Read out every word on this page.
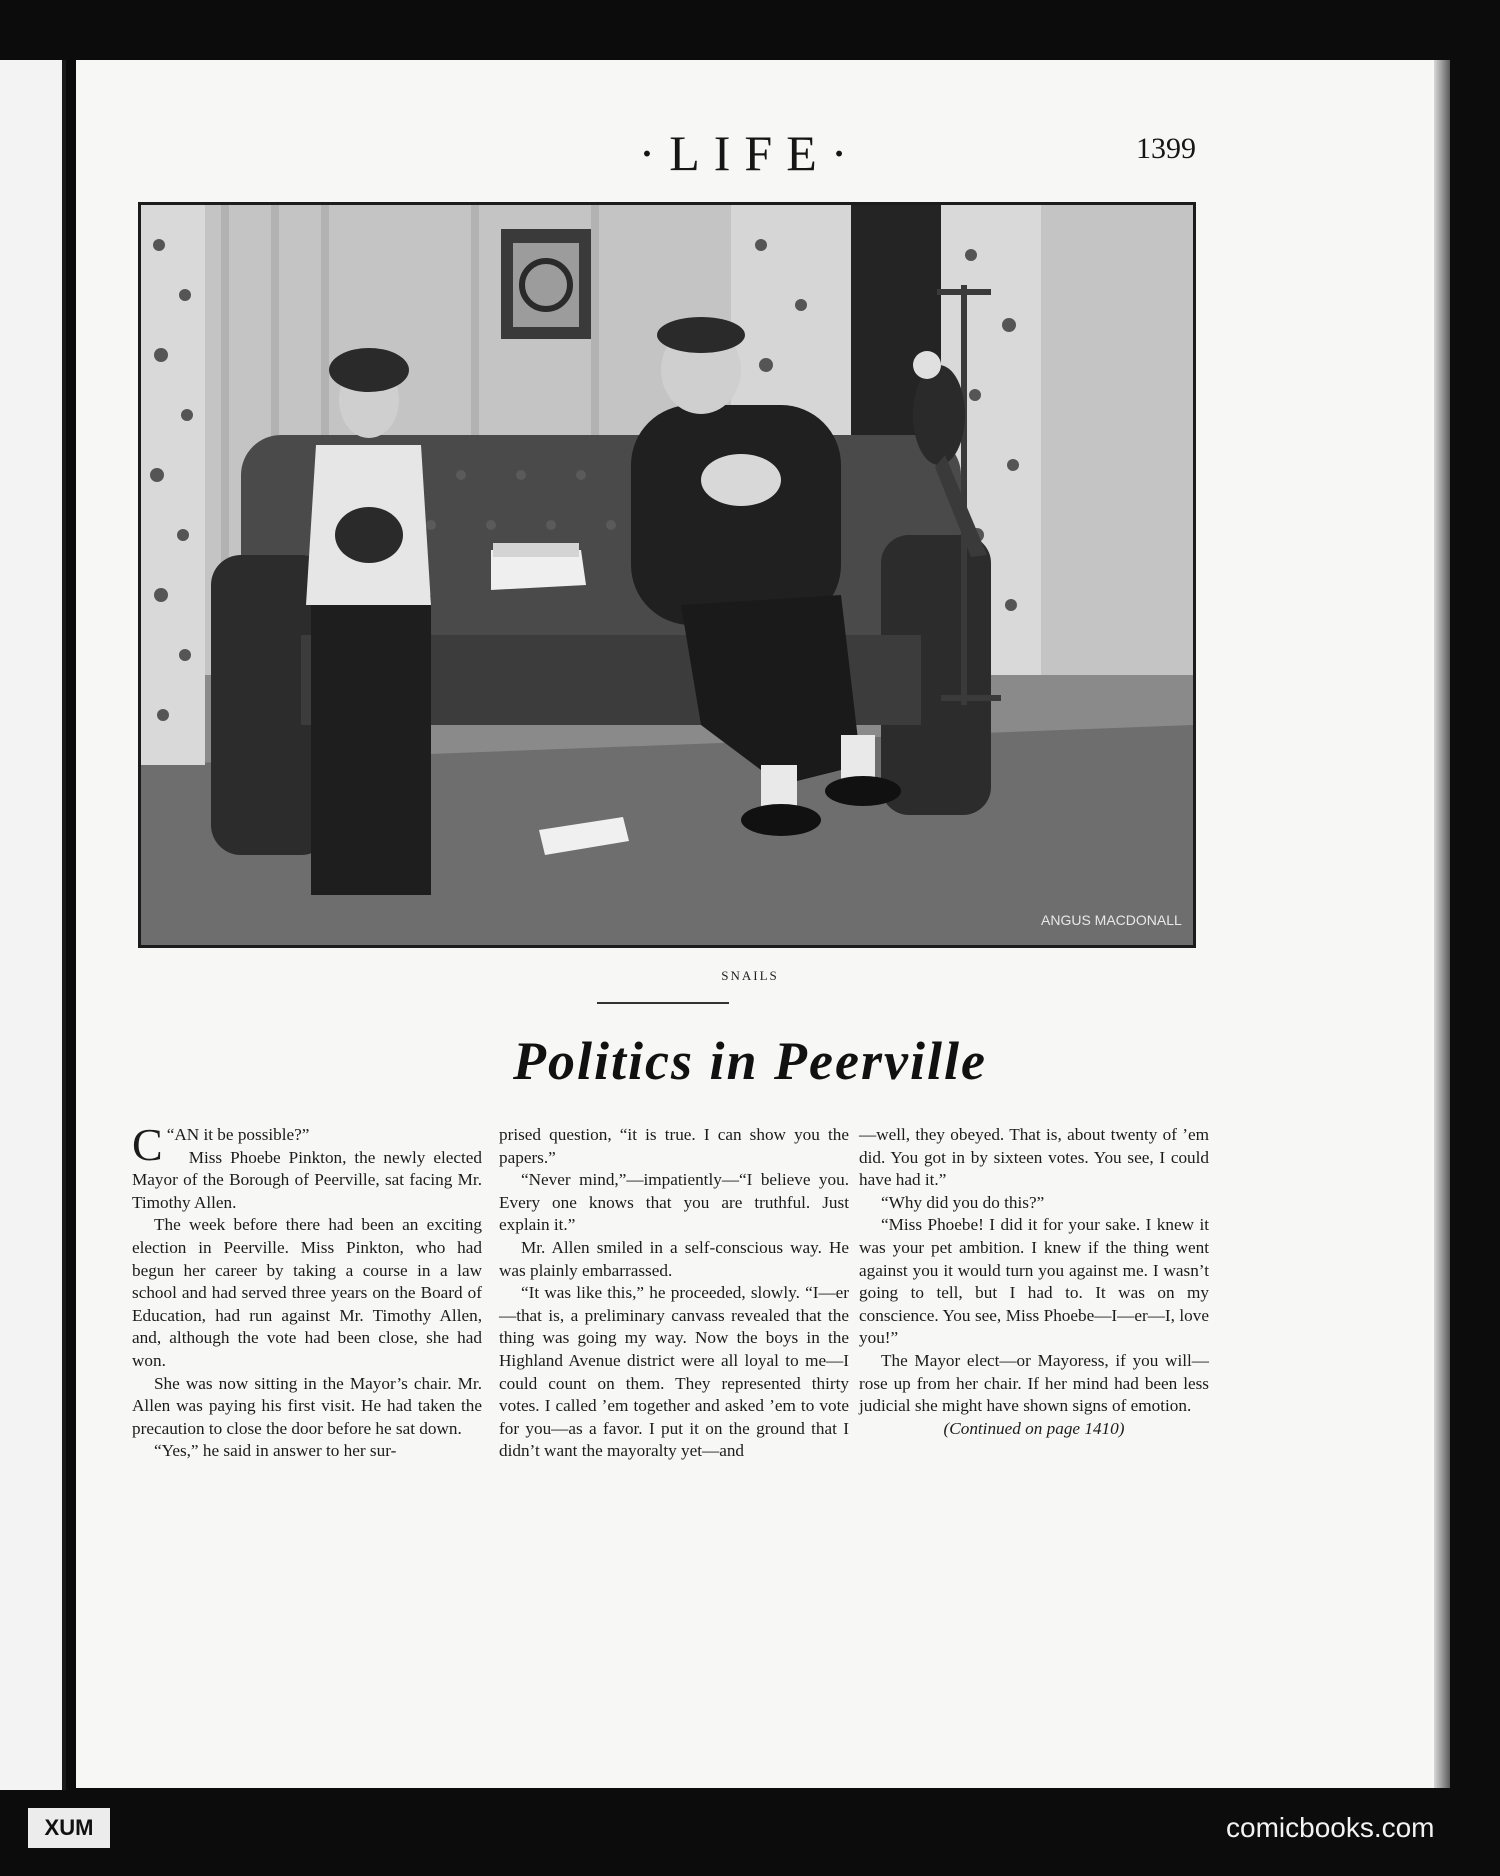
·LIFE·	1399
ANGUS MACDONALL
SNAILS
Politics in Peerville

“
C AN it be possible?”

Miss Phoebe Pinkton, the newly elected Mayor of the Borough of Peerville, sat facing Mr. Timothy Allen.

The week before there had been an exciting election in Peerville. Miss Pinkton, who had begun her career by taking a course in a law school and had served three years on the Board of Education, had run against Mr. Timothy Allen, and, although the vote had been close, she had won.

She was now sitting in the Mayor’s chair. Mr. Allen was paying his first visit. He had taken the precaution to close the door before he sat down.

“Yes,” he said in answer to her sur-

prised question, “it is true. I can show you the papers.”

“Never mind,”—impatiently—“I believe you. Every one knows that you are truthful. Just explain it.”

Mr. Allen smiled in a self-conscious way. He was plainly embarrassed.

“It was like this,” he proceeded, slowly. “I—er—that is, a preliminary canvass revealed that the thing was going my way. Now the boys in the Highland Avenue district were all loyal to me—I could count on them. They represented thirty votes. I called ’em together and asked ’em to vote for you—as a favor. I put it on the ground that I didn’t want the mayoralty yet—and

—well, they obeyed. That is, about twenty of ’em did. You got in by sixteen votes. You see, I could have had it.”

“Why did you do this?”

“Miss Phoebe! I did it for your sake. I knew it was your pet ambition. I knew if the thing went against you it would turn you against me. I wasn’t going to tell, but I had to. It was on my conscience. You see, Miss Phoebe—I—er—I, love you!”

The Mayor elect—or Mayoress, if you will—rose up from her chair. If her mind had been less judicial she might have shown signs of emotion.

(Continued on page 1410)

XUM	comicbooks.com
